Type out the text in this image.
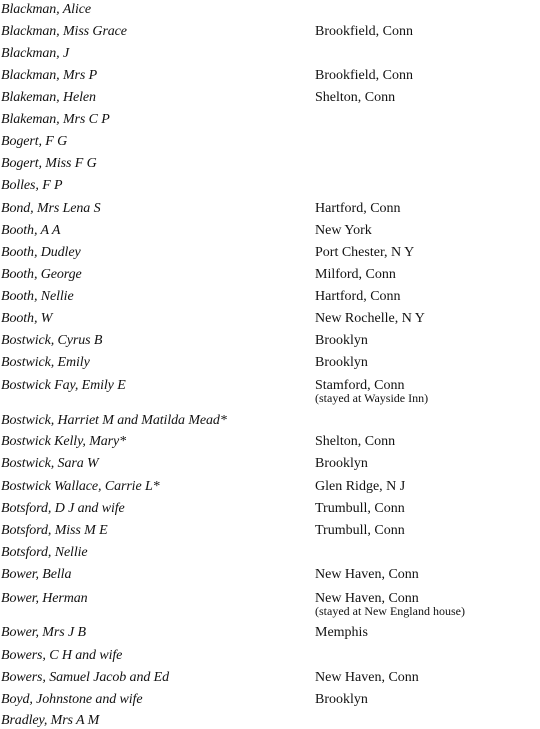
Blackman, Alice
Blackman, Miss Grace	Brookfield, Conn
Blackman, J
Blackman, Mrs P	Brookfield, Conn
Blakeman, Helen	Shelton, Conn
Blakeman, Mrs C P
Bogert, F G
Bogert, Miss F G
Bolles, F P
Bond, Mrs Lena S	Hartford, Conn
Booth, A A	New York
Booth, Dudley	Port Chester, N Y
Booth, George	Milford, Conn
Booth, Nellie	Hartford, Conn
Booth, W	New Rochelle, N Y
Bostwick, Cyrus B	Brooklyn
Bostwick, Emily	Brooklyn
Bostwick Fay, Emily E	Stamford, Conn
(stayed at Wayside Inn)
Bostwick, Harriet M and Matilda Mead*
Bostwick Kelly, Mary*	Shelton, Conn
Bostwick, Sara W	Brooklyn
Bostwick Wallace, Carrie L*	Glen Ridge, N J
Botsford, D J and wife	Trumbull, Conn
Botsford, Miss M E	Trumbull, Conn
Botsford, Nellie
Bower, Bella	New Haven, Conn
Bower, Herman	New Haven, Conn
(stayed at New England house)
Bower, Mrs J B	Memphis
Bowers, C H and wife
Bowers, Samuel Jacob and Ed	New Haven, Conn
Boyd, Johnstone and wife	Brooklyn
Bradley, Mrs A M
